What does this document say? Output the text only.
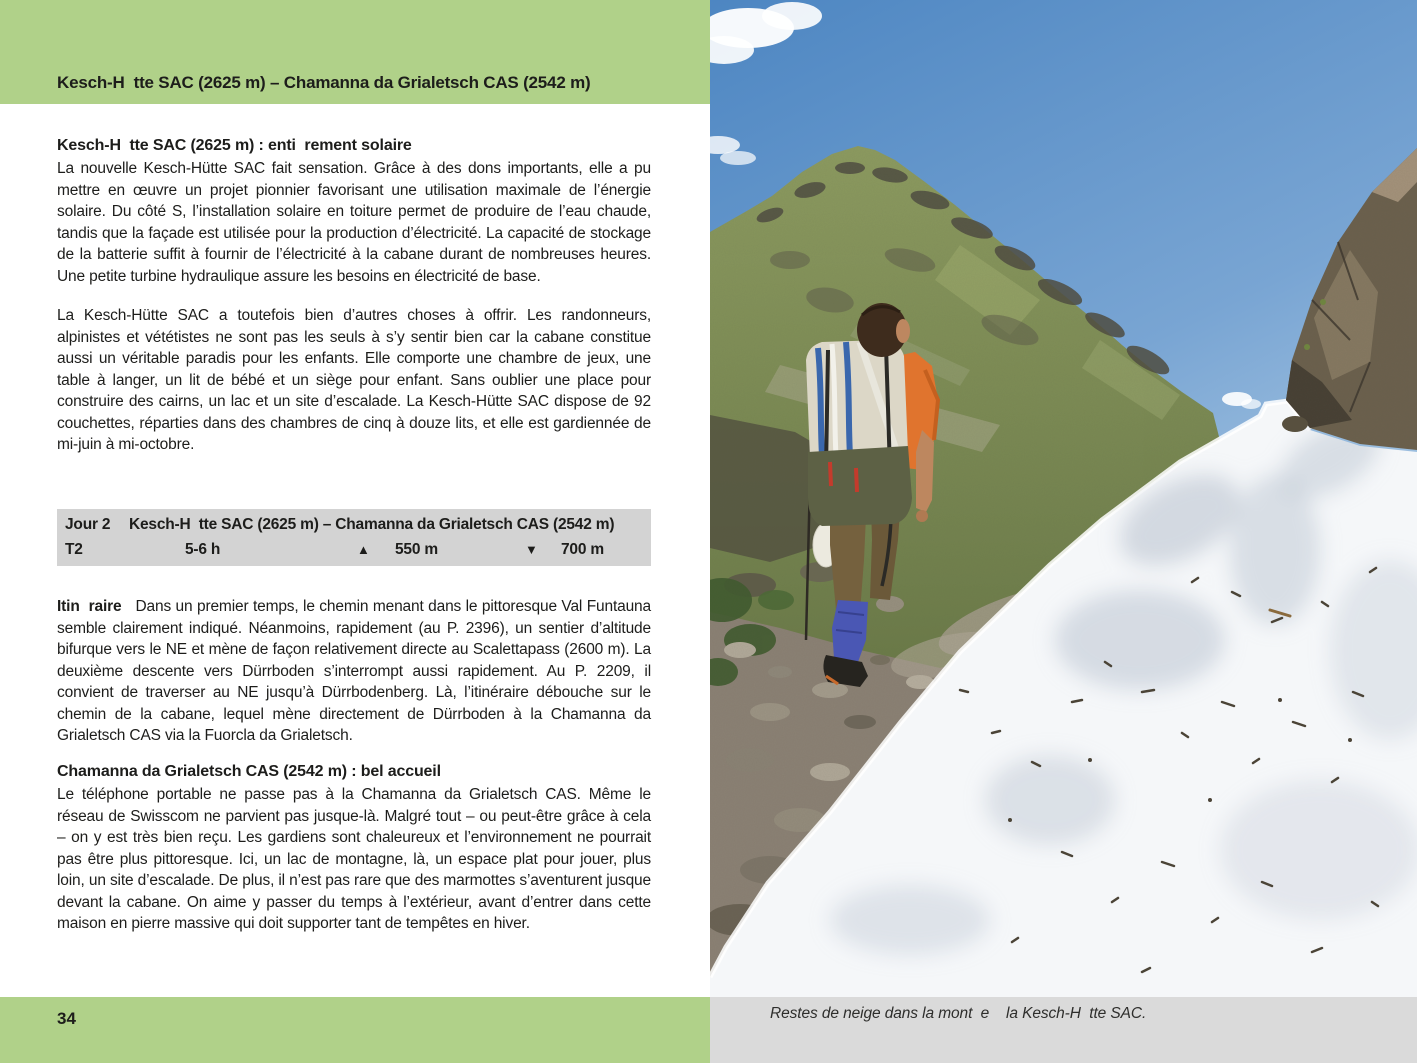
Kesch-H  tte SAC (2625 m) – Chamanna da Grialetsch CAS (2542 m)
Kesch-H  tte SAC (2625 m) : enti  rement solaire

La nouvelle Kesch-Hütte SAC fait sensation. Grâce à des dons importants, elle a pu mettre en œuvre un projet pionnier favorisant une utilisation maximale de l’énergie solaire. Du côté S, l’installation solaire en toiture permet de produire de l’eau chaude, tandis que la façade est utilisée pour la production d’électricité. La capacité de stockage de la batterie suffit à fournir de l’électricité à la cabane durant de nombreuses heures. Une petite turbine hydraulique assure les besoins en électricité de base.

La Kesch-Hütte SAC a toutefois bien d’autres choses à offrir. Les randonneurs, alpinistes et vététistes ne sont pas les seuls à s’y sentir bien car la cabane constitue aussi un véritable paradis pour les enfants. Elle comporte une chambre de jeux, une table à langer, un lit de bébé et un siège pour enfant. Sans oublier une place pour construire des cairns, un lac et un site d’escalade. La Kesch-Hütte SAC dispose de 92 couchettes, réparties dans des chambres de cinq à douze lits, et elle est gardiennée de mi-juin à mi-octobre.

Jour 2 Kesch-H  tte SAC (2625 m) – Chamanna da Grialetsch CAS (2542 m)
T2	5-6 h	▲ 550 m	▼ 700 m

Itin  raire Dans un premier temps, le chemin menant dans le pittoresque Val Funtauna semble clairement indiqué. Néanmoins, rapidement (au P. 2396), un sentier d’altitude bifurque vers le NE et mène de façon relativement directe au Scalettapass (2600 m). La deuxième descente vers Dürrboden s’interrompt aussi rapidement. Au P. 2209, il convient de traverser au NE jusqu’à Dürrbodenberg. Là, l’itinéraire débouche sur le chemin de la cabane, lequel mène directement de Dürrboden à la Chamanna da Grialetsch CAS via la Fuorcla da Grialetsch.

Chamanna da Grialetsch CAS (2542 m) : bel accueil

Le téléphone portable ne passe pas à la Chamanna da Grialetsch CAS. Même le réseau de Swisscom ne parvient pas jusque-là. Malgré tout – ou peut-être grâce à cela – on y est très bien reçu. Les gardiens sont chaleureux et l’environnement ne pourrait pas être plus pittoresque. Ici, un lac de montagne, là, un espace plat pour jouer, plus loin, un site d’escalade. De plus, il n’est pas rare que des marmottes s’aventurent jusque devant la cabane. On aime y passer du temps à l’extérieur, avant d’entrer dans cette maison en pierre massive qui doit supporter tant de tempêtes en hiver.

34	Restes de neige dans la mont  e    la Kesch-H  tte SAC.
